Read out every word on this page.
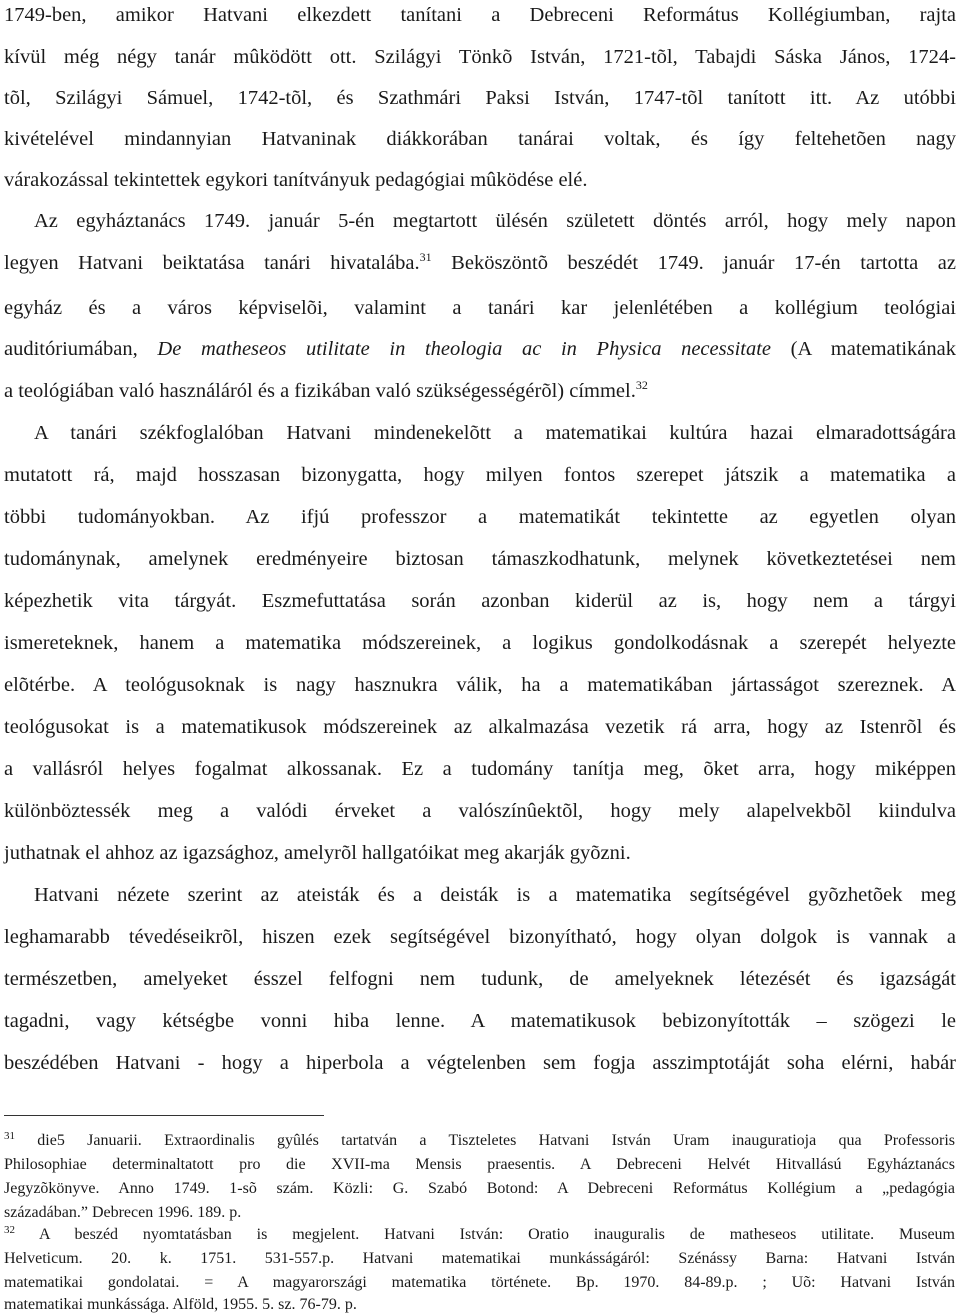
1749-ben, amikor Hatvani elkezdett tanítani a Debreceni Református Kollégiumban, rajta
kívül még négy tanár mûködött ott. Szilágyi Tönkõ István, 1721-tõl, Tabajdi Sáska János, 1724-
tõl, Szilágyi Sámuel, 1742-tõl, és Szathmári Paksi István, 1747-tõl tanított itt. Az utóbbi
kivételével mindannyian Hatvaninak diákkorában tanárai voltak, és így feltehetõen nagy
várakozással tekintettek egykori tanítványuk pedagógiai mûködése elé.
Az egyháztanács 1749. január 5-én megtartott ülésén született döntés arról, hogy mely napon
legyen Hatvani beiktatása tanári hivatalába.$^{31}$ Beköszöntõ beszédét 1749. január 17-én tartotta az
egyház és a város képviselõi, valamint a tanári kar jelenlétében a kollégium teológiai
auditóriumában, De matheseos utilitate in theologia ac in Physica necessitate (A matematikának
a teológiában való használáról és a fizikában való szükségességérõl) címmel.$^{32}$
A tanári székfoglalóban Hatvani mindenekelõtt a matematikai kultúra hazai elmaradottságára
mutatott rá, majd hosszasan bizonygatta, hogy milyen fontos szerepet játszik a matematika a
többi tudományokban. Az ifjú professzor a matematikát tekintette az egyetlen olyan
tudománynak, amelynek eredményeire biztosan támaszkodhatunk, melynek következtetései nem
képezhetik vita tárgyát. Eszmefuttatása során azonban kiderül az is, hogy nem a tárgyi
ismereteknek, hanem a matematika módszereinek, a logikus gondolkodásnak a szerepét helyezte
elõtérbe. A teológusoknak is nagy hasznukra válik, ha a matematikában jártasságot szereznek. A
teológusokat is a matematikusok módszereinek az alkalmazása vezetik rá arra, hogy az Istenrõl és
a vallásról helyes fogalmat alkossanak. Ez a tudomány tanítja meg, õket arra, hogy miképpen
különböztessék meg a valódi érveket a valószínûektõl, hogy mely alapelvekbõl kiindulva
juthatnak el ahhoz az igazsághoz, amelyrõl hallgatóikat meg akarják gyõzni.
Hatvani nézete szerint az ateisták és a deisták is a matematika segítségével gyõzhetõek meg
leghamarabb tévedéseikrõl, hiszen ezek segítségével bizonyítható, hogy olyan dolgok is vannak a
természetben, amelyeket ésszel felfogni nem tudunk, de amelyeknek létezését és igazságát
tagadni, vagy kétségbe vonni hiba lenne. A matematikusok bebizonyították – szögezi le
beszédében Hatvani - hogy a hiperbola a végtelenben sem fogja asszimptotáját soha elérni, habár
$^{31}$ die5 Januarii. Extraordinalis gyûlés tartatván a Tiszteletes Hatvani István Uram inauguratioja qua Professoris
Philosophiae determinaltatott pro die XVII-ma Mensis praesentis. A Debreceni Helvét Hitvallású Egyháztanács
Jegyzõkönyve. Anno 1749. 1-sõ szám. Közli: G. Szabó Botond: A Debreceni Református Kollégium a „pedagógia
századában.” Debrecen 1996. 189. p.
$^{32}$ A beszéd nyomtatásban is megjelent. Hatvani István: Oratio inauguralis de matheseos utilitate. Museum
Helveticum. 20. k. 1751. 531-557.p. Hatvani matematikai munkásságáról: Szénássy Barna: Hatvani István
matematikai gondolatai. = A magyarországi matematika története. Bp. 1970. 84-89.p. ; Uõ: Hatvani István
matematikai munkássága. Alföld, 1955. 5. sz. 76-79. p.
